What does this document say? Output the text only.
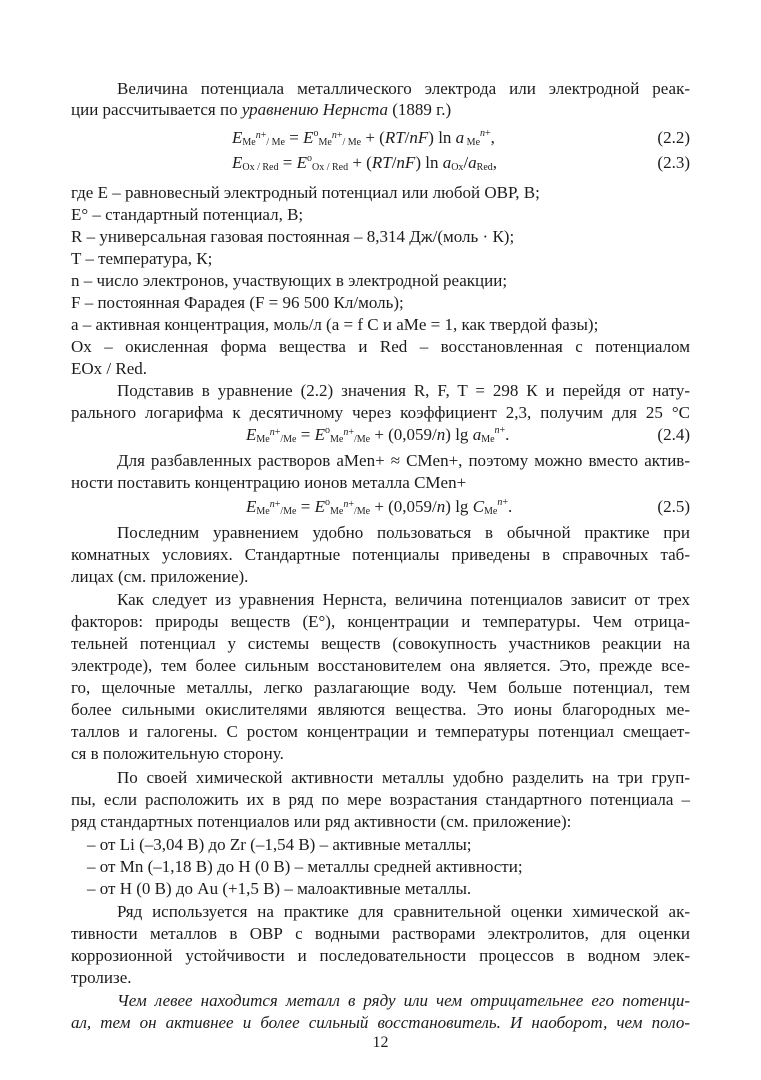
Величина потенциала металлического электрода или электродной реак-
ции рассчитывается по уравнению Нернста (1889 г.)
$E_{Me^{n+}/ Me} = E^o_{Me^{n+}/ Me} + (RT/nF)$ ln a $_{Me}^{n+}$,	(2.2)
$E_{Ox / Red} = E^o_{Ox / Red} + (RT/nF)$ $\ln a_{Ox}/a_{Red}$,	(2.3)
где E – равновесный электродный потенциал или любой ОВР, В;
E° – стандартный потенциал, В;
R – универсальная газовая постоянная – 8,314 Дж/(моль · К);
T – температура, К;
n – число электронов, участвующих в электродной реакции;
F – постоянная Фарадея (F = 96 500 Кл/моль);
a – активная концентрация, моль/л (a = f C и aMe = 1, как твердой фазы);
Ox – окисленная форма вещества и Red – восстановленная с потенциалом
EOx / Red.
Подставив в уравнение (2.2) значения R, F, T = 298 К и перейдя от нату-
рального логарифма к десятичному через коэффициент 2,3, получим для 25 °С
$E_{Me^{n+}/Me} = E^o_{Me^{n+}/Me} + (0,059/n)$ $\lg a_{Me}^{n+}$.	(2.4)
Для разбавленных растворов aMen+ ≈ CMen+, поэтому можно вместо актив-
ности поставить концентрацию ионов металла CMen+
$E_{Me^{n+}/Me} = E^o_{Me^{n+}/Me} + (0,059/n)$ $\lg C_{Me}^{n+}$.	(2.5)
Последним уравнением удобно пользоваться в обычной практике при
комнатных условиях. Стандартные потенциалы приведены в справочных таб-
лицах (см. приложение).
Как следует из уравнения Нернста, величина потенциалов зависит от трех
факторов: природы веществ (E°), концентрации и температуры. Чем отрица-
тельней потенциал у системы веществ (совокупность участников реакции на
электроде), тем более сильным восстановителем она является. Это, прежде все-
го, щелочные металлы, легко разлагающие воду. Чем больше потенциал, тем
более сильными окислителями являются вещества. Это ионы благородных ме-
таллов и галогены. С ростом концентрации и температуры потенциал смещает-
ся в положительную сторону.
По своей химической активности металлы удобно разделить на три груп-
пы, если расположить их в ряд по мере возрастания стандартного потенциала –
ряд стандартных потенциалов или ряд активности (см. приложение):
– от Li (–3,04 В) до Zr (–1,54 В) – активные металлы;
– от Mn (–1,18 В) до H (0 В) – металлы средней активности;
– от H (0 В) до Au (+1,5 В) – малоактивные металлы.
Ряд используется на практике для сравнительной оценки химической ак-
тивности металлов в ОВР с водными растворами электролитов, для оценки
коррозионной устойчивости и последовательности процессов в водном элек-
тролизе.
Чем левее находится металл в ряду или чем отрицательнее его потенци-
ал, тем он активнее и более сильный восстановитель. И наоборот, чем поло-
12
